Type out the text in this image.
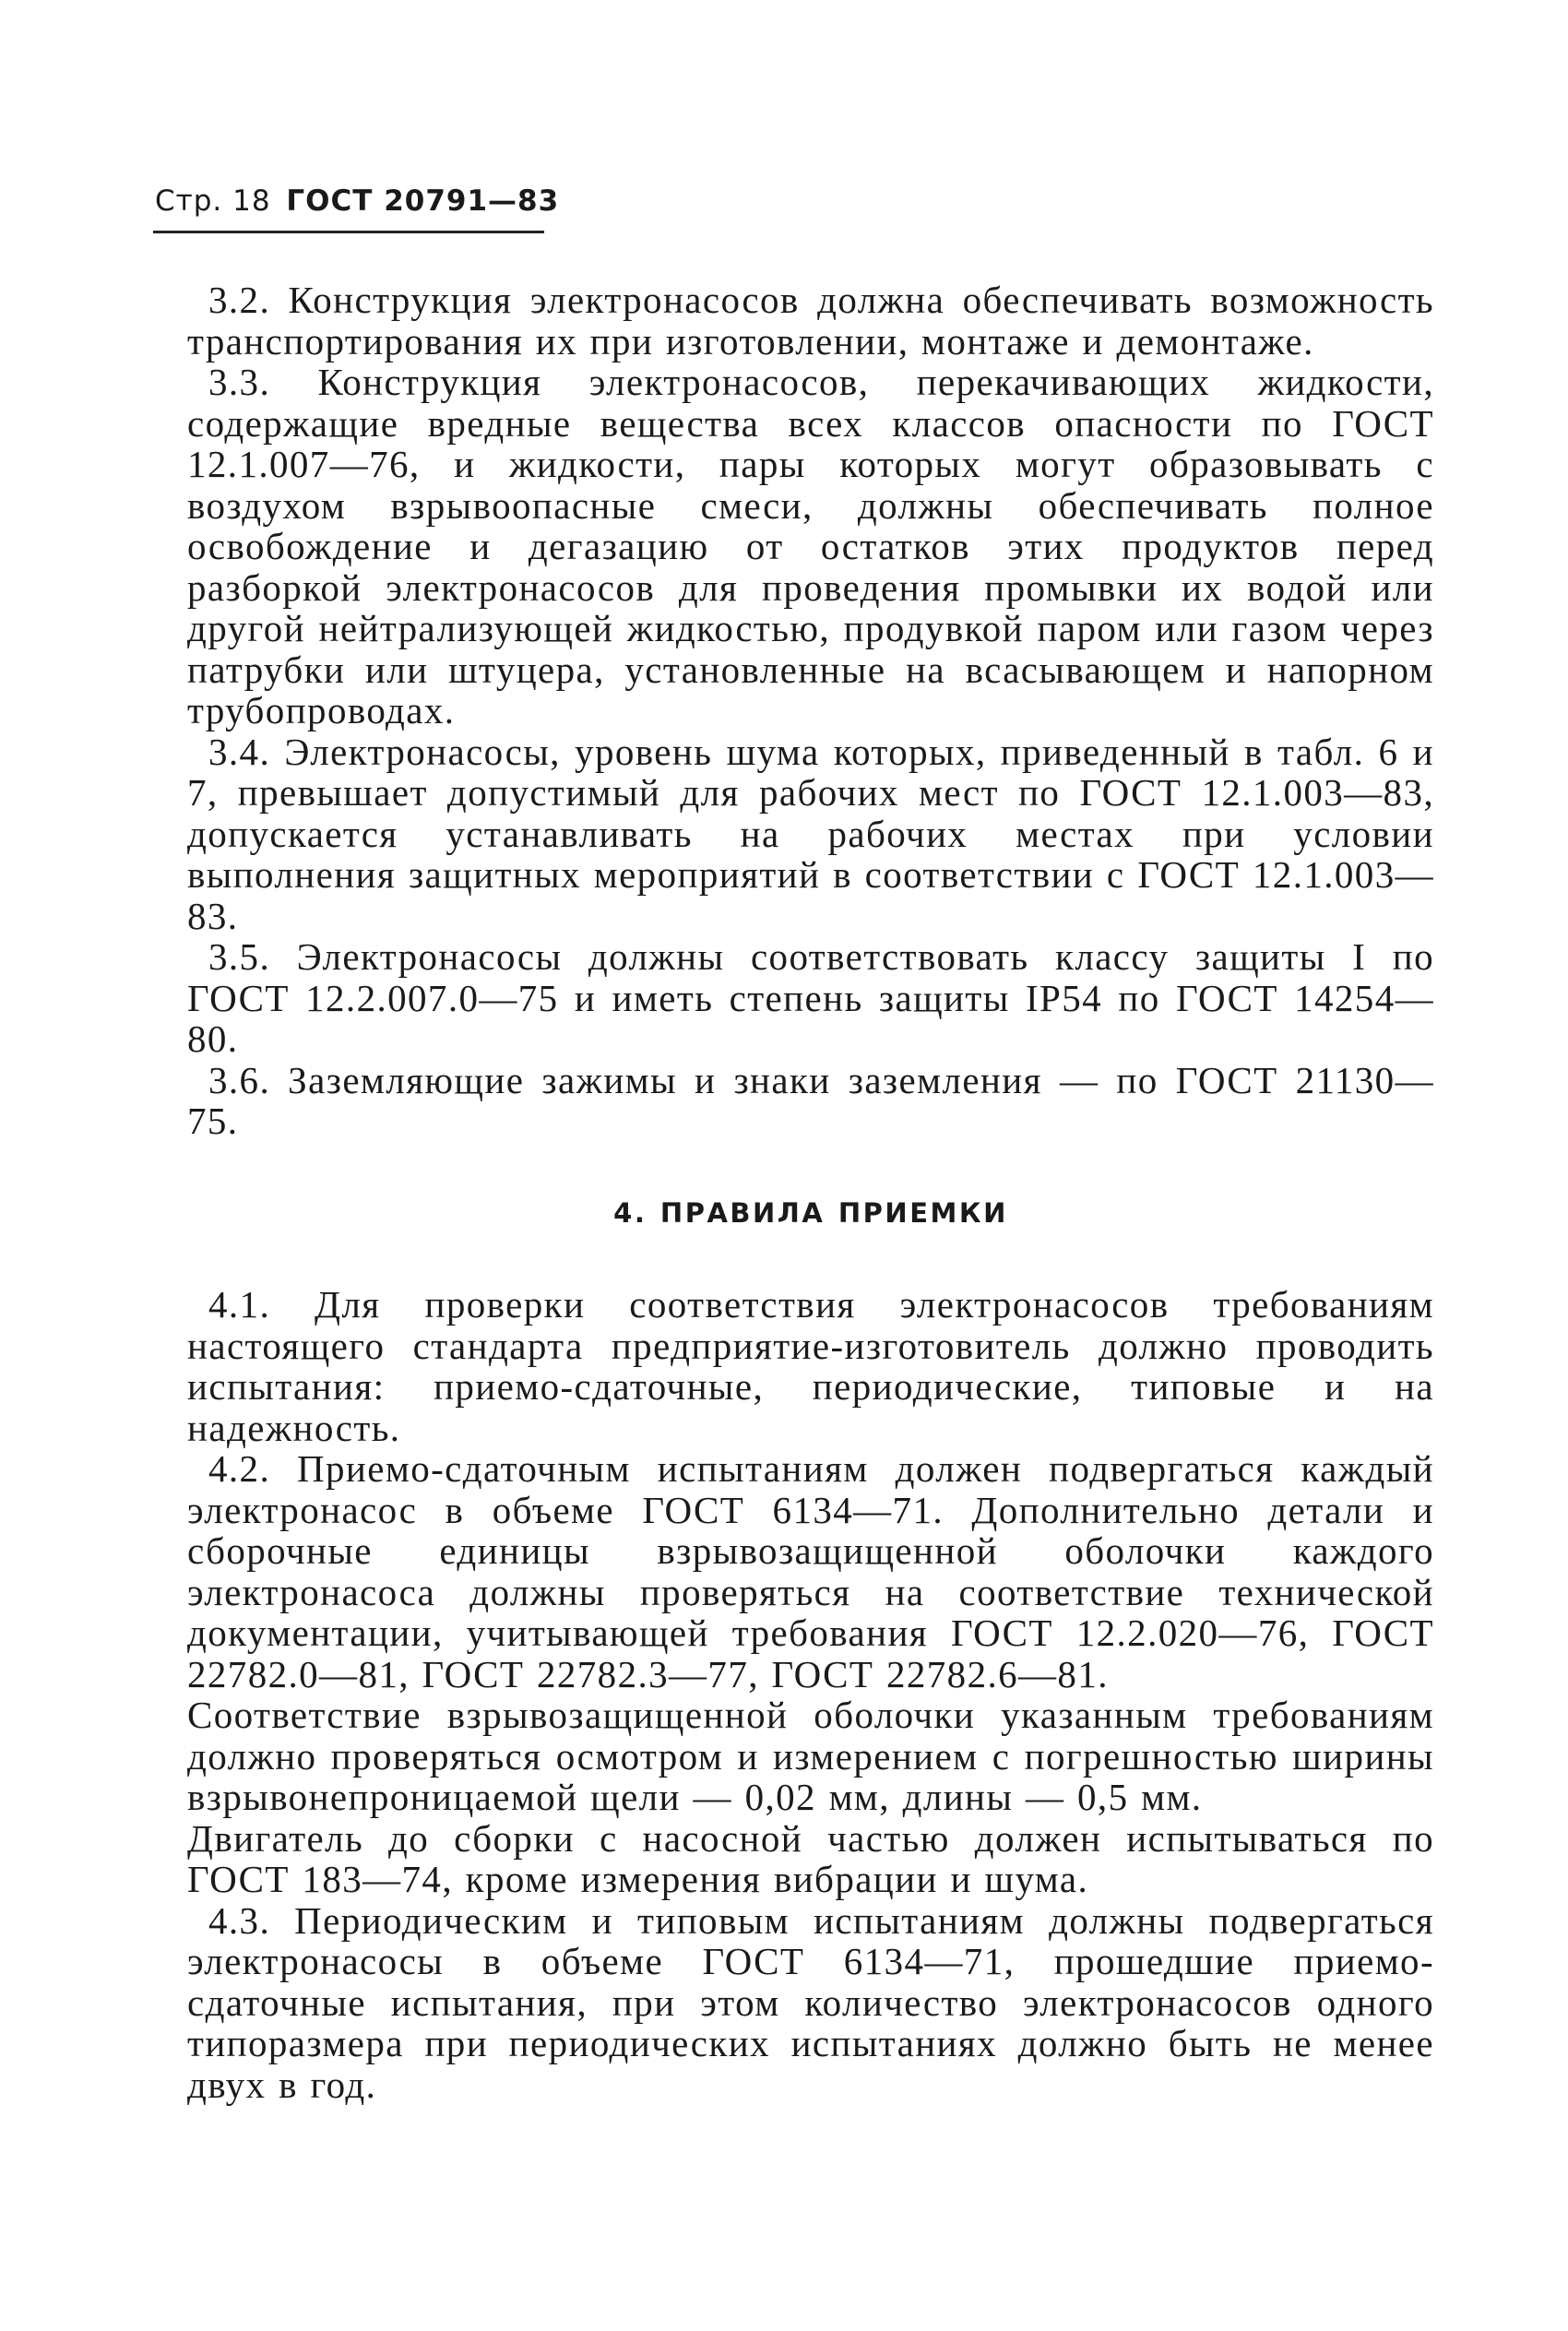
Стр. 18 ГОСТ 20791—83

3.2. Конструкция электронасосов должна обеспечивать возможность транспортирования их при изготовлении, монтаже и демонтаже.

3.3. Конструкция электронасосов, перекачивающих жидкости, содержащие вредные вещества всех классов опасности по ГОСТ 12.1.007—76, и жидкости, пары которых могут образовывать с воздухом взрывоопасные смеси, должны обеспечивать полное освобождение и дегазацию от остатков этих продуктов перед разборкой электронасосов для проведения промывки их водой или другой нейтрализующей жидкостью, продувкой паром или газом через патрубки или штуцера, установленные на всасывающем и напорном трубопроводах.

3.4. Электронасосы, уровень шума которых, приведенный в табл. 6 и 7, превышает допустимый для рабочих мест по ГОСТ 12.1.003—83, допускается устанавливать на рабочих местах при условии выполнения защитных мероприятий в соответствии с ГОСТ 12.1.003—83.

3.5. Электронасосы должны соответствовать классу защиты I по ГОСТ 12.2.007.0—75 и иметь степень защиты IP54 по ГОСТ 14254—80.

3.6. Заземляющие зажимы и знаки заземления — по ГОСТ 21130—75.

4. ПРАВИЛА ПРИЕМКИ

4.1. Для проверки соответствия электронасосов требованиям настоящего стандарта предприятие-изготовитель должно проводить испытания: приемо-сдаточные, периодические, типовые и на надежность.

4.2. Приемо-сдаточным испытаниям должен подвергаться каждый электронасос в объеме ГОСТ 6134—71. Дополнительно детали и сборочные единицы взрывозащищенной оболочки каждого электронасоса должны проверяться на соответствие технической документации, учитывающей требования ГОСТ 12.2.020—76, ГОСТ 22782.0—81, ГОСТ 22782.3—77, ГОСТ 22782.6—81.

Соответствие взрывозащищенной оболочки указанным требованиям должно проверяться осмотром и измерением с погрешностью ширины взрывонепроницаемой щели — 0,02 мм, длины — 0,5 мм.

Двигатель до сборки с насосной частью должен испытываться по ГОСТ 183—74, кроме измерения вибрации и шума.

4.3. Периодическим и типовым испытаниям должны подвергаться электронасосы в объеме ГОСТ 6134—71, прошедшие приемо-сдаточные испытания, при этом количество электронасосов одного типоразмера при периодических испытаниях должно быть не менее двух в год.
